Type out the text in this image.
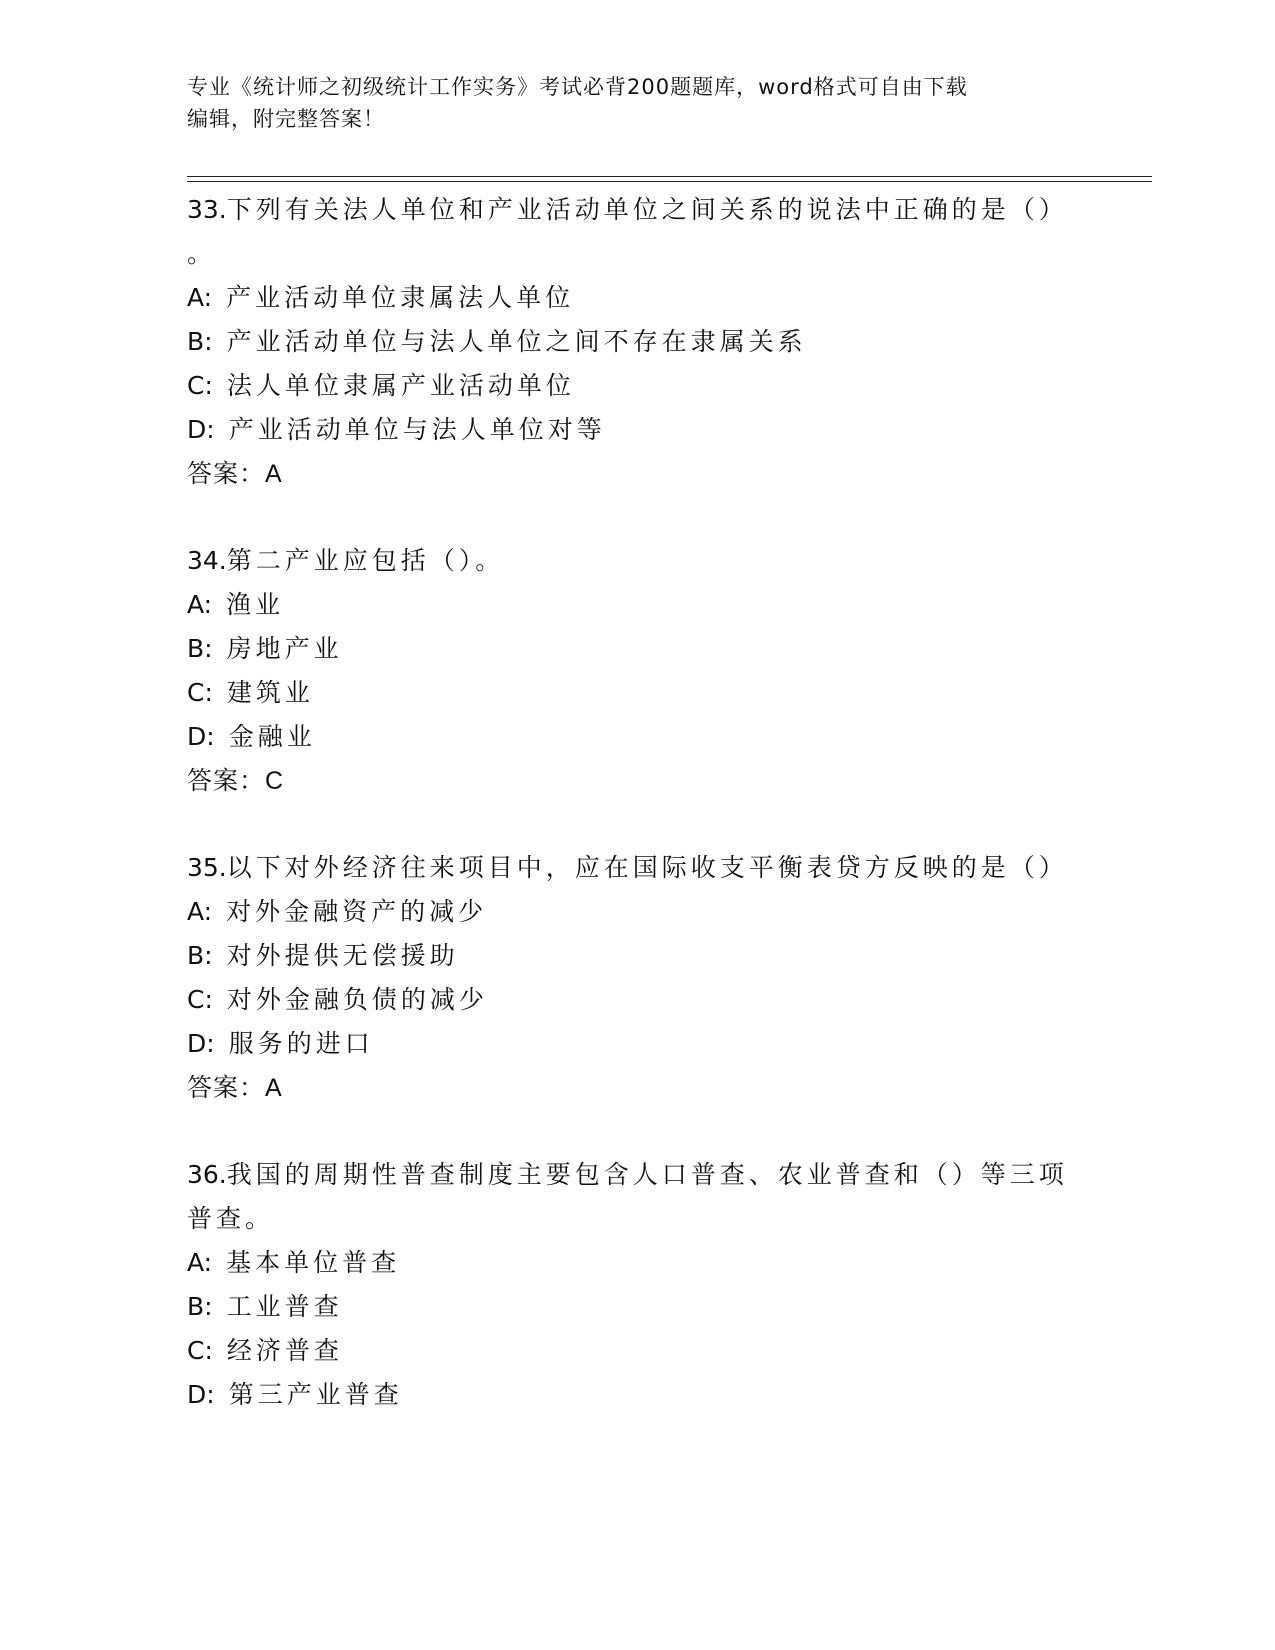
专业《统计师之初级统计工作实务》考试必背200题题库，word格式可自由下载
编辑，附完整答案！
33.下列有关法人单位和产业活动单位之间关系的说法中正确的是（）
。
A: 产业活动单位隶属法人单位
B: 产业活动单位与法人单位之间不存在隶属关系
C: 法人单位隶属产业活动单位
D: 产业活动单位与法人单位对等
答案：A
34.第二产业应包括（）。
A: 渔业
B: 房地产业
C: 建筑业
D: 金融业
答案：C
35.以下对外经济往来项目中，应在国际收支平衡表贷方反映的是（）
A: 对外金融资产的减少
B: 对外提供无偿援助
C: 对外金融负债的减少
D: 服务的进口
答案：A
36.我国的周期性普查制度主要包含人口普查、农业普查和（）等三项
普查。
A: 基本单位普查
B: 工业普查
C: 经济普查
D: 第三产业普查
